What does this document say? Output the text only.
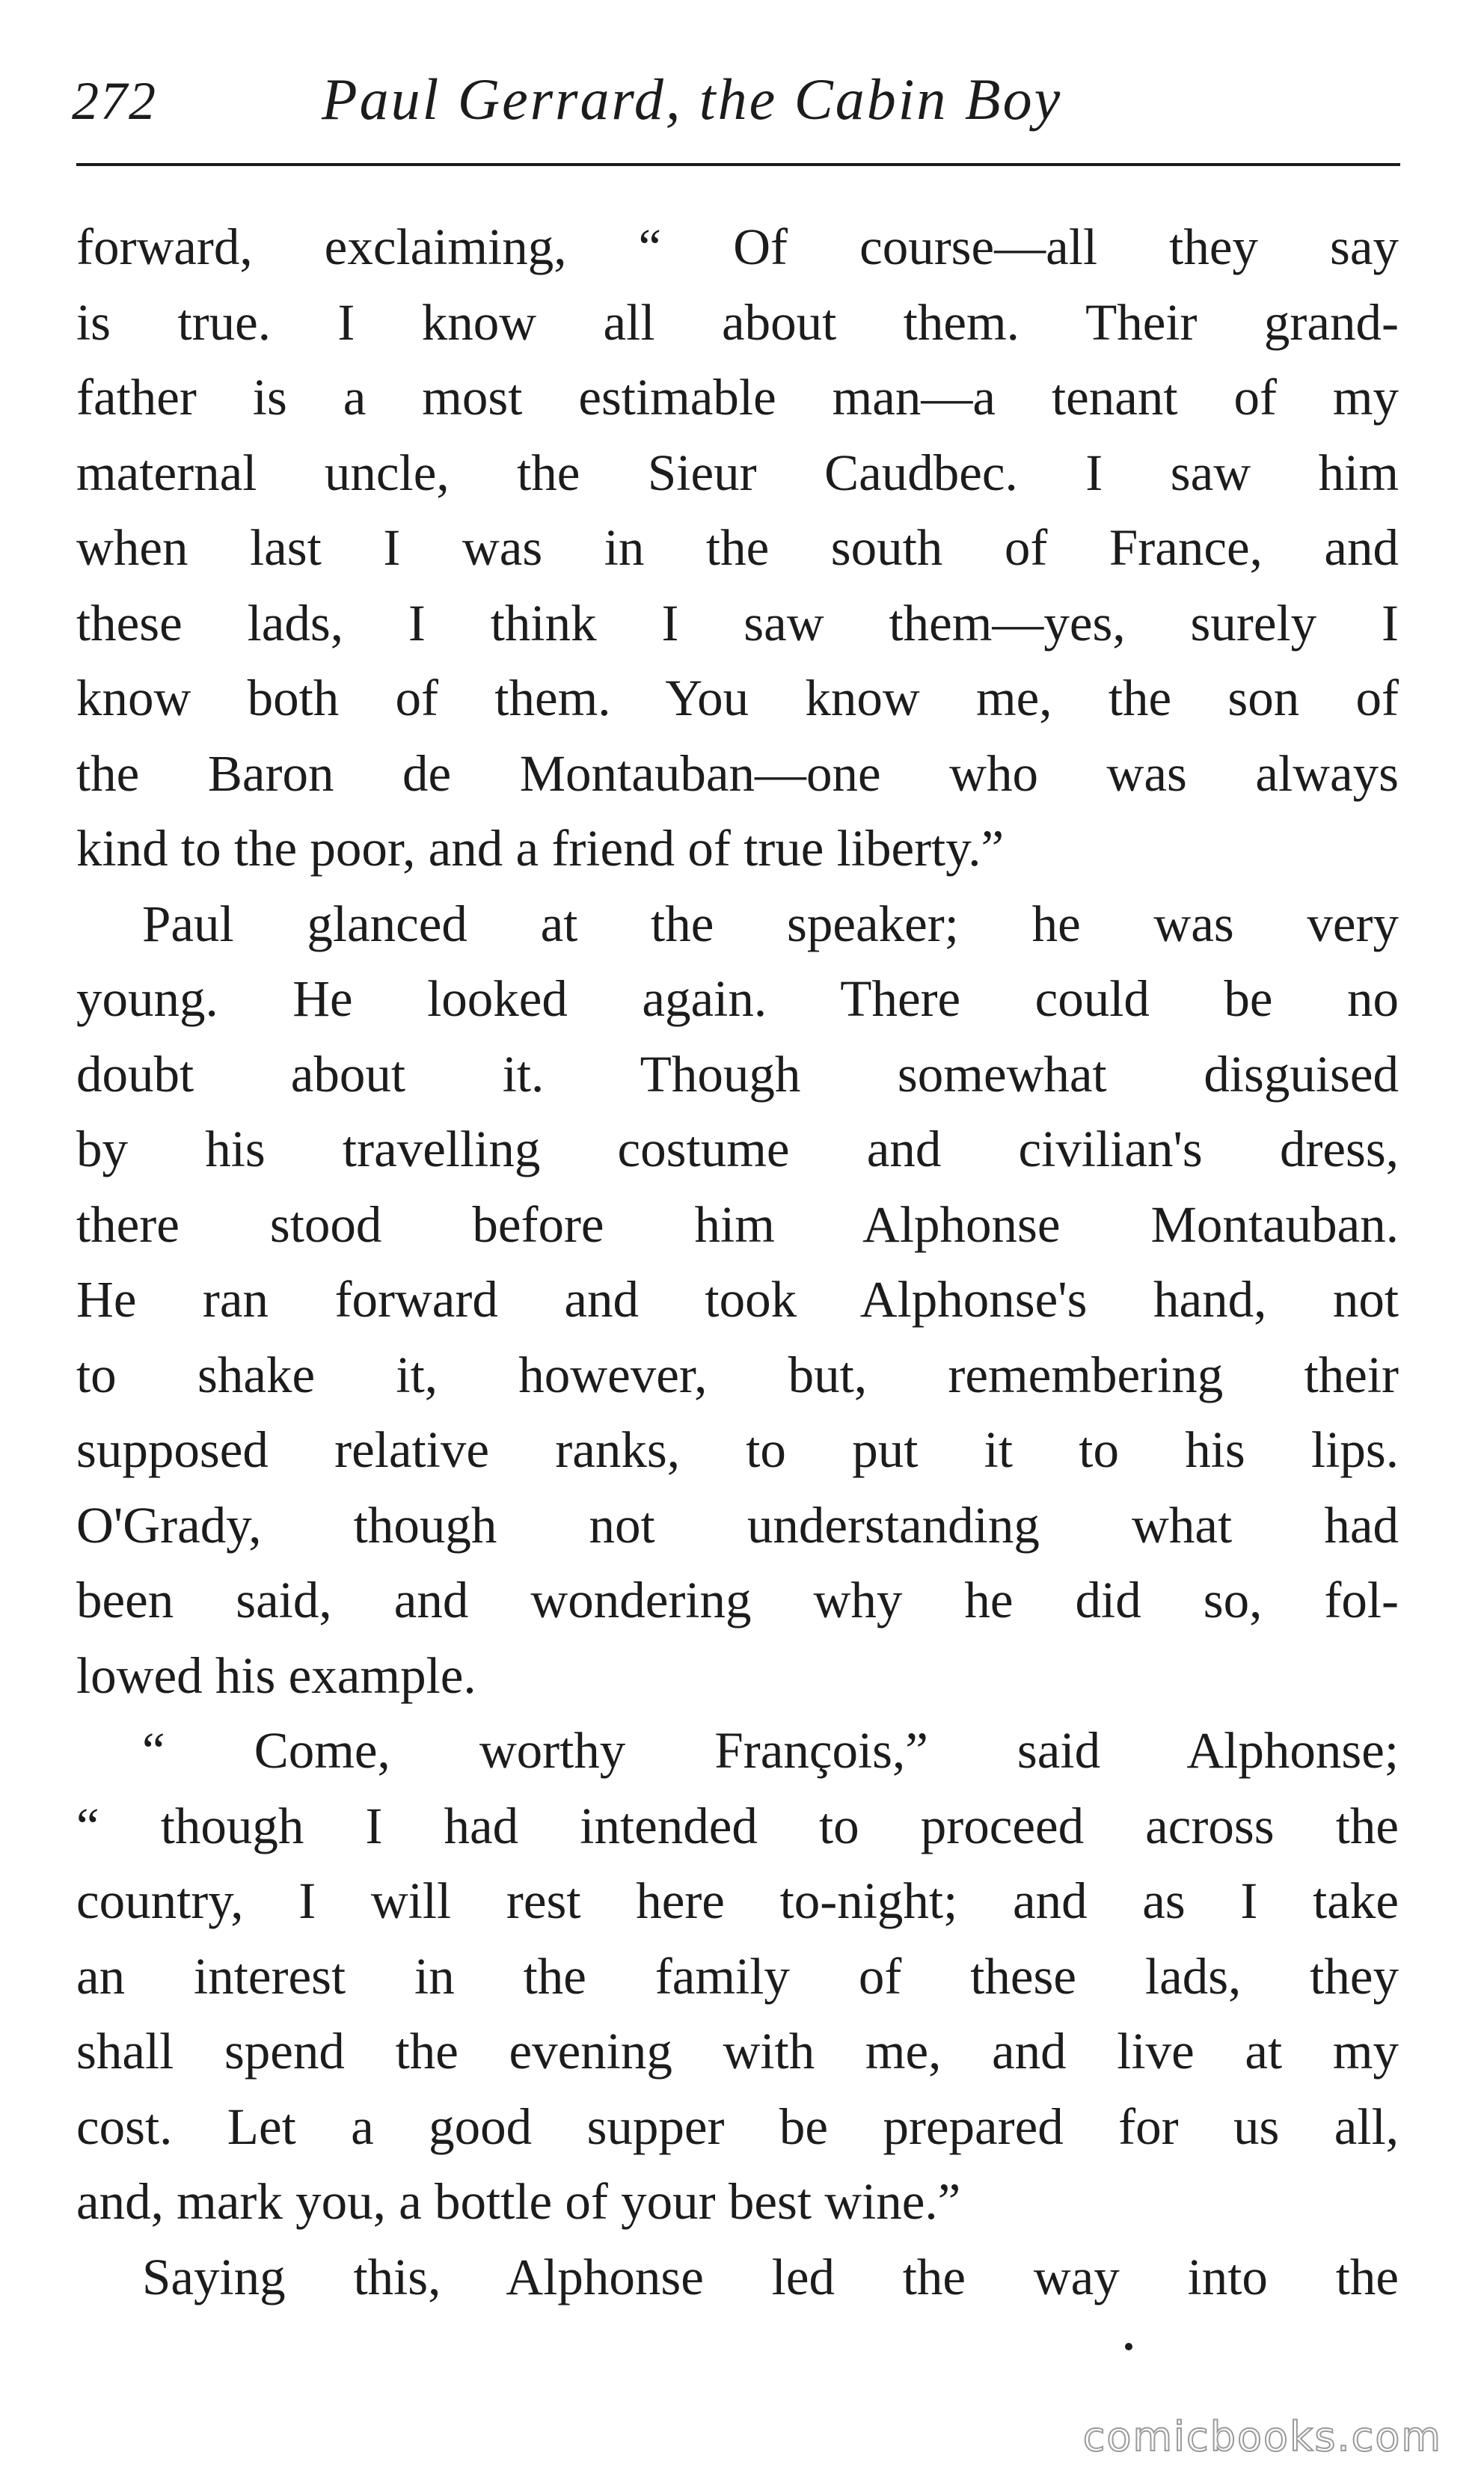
272	Paul Gerrard, the Cabin Boy
forward, exclaiming, “ Of course—all they say
is true. I know all about them. Their grand-
father is a most estimable man—a tenant of my
maternal uncle, the Sieur Caudbec. I saw him
when last I was in the south of France, and
these lads, I think I saw them—yes, surely I
know both of them. You know me, the son of
the Baron de Montauban—one who was always
kind to the poor, and a friend of true liberty.”
Paul glanced at the speaker; he was very
young. He looked again. There could be no
doubt about it. Though somewhat disguised
by his travelling costume and civilian's dress,
there stood before him Alphonse Montauban.
He ran forward and took Alphonse's hand, not
to shake it, however, but, remembering their
supposed relative ranks, to put it to his lips.
O'Grady, though not understanding what had
been said, and wondering why he did so, fol-
lowed his example.
“ Come, worthy François,” said Alphonse;
“ though I had intended to proceed across the
country, I will rest here to-night; and as I take
an interest in the family of these lads, they
shall spend the evening with me, and live at my
cost. Let a good supper be prepared for us all,
and, mark you, a bottle of your best wine.”
Saying this, Alphonse led the way into the
comicbooks.com
